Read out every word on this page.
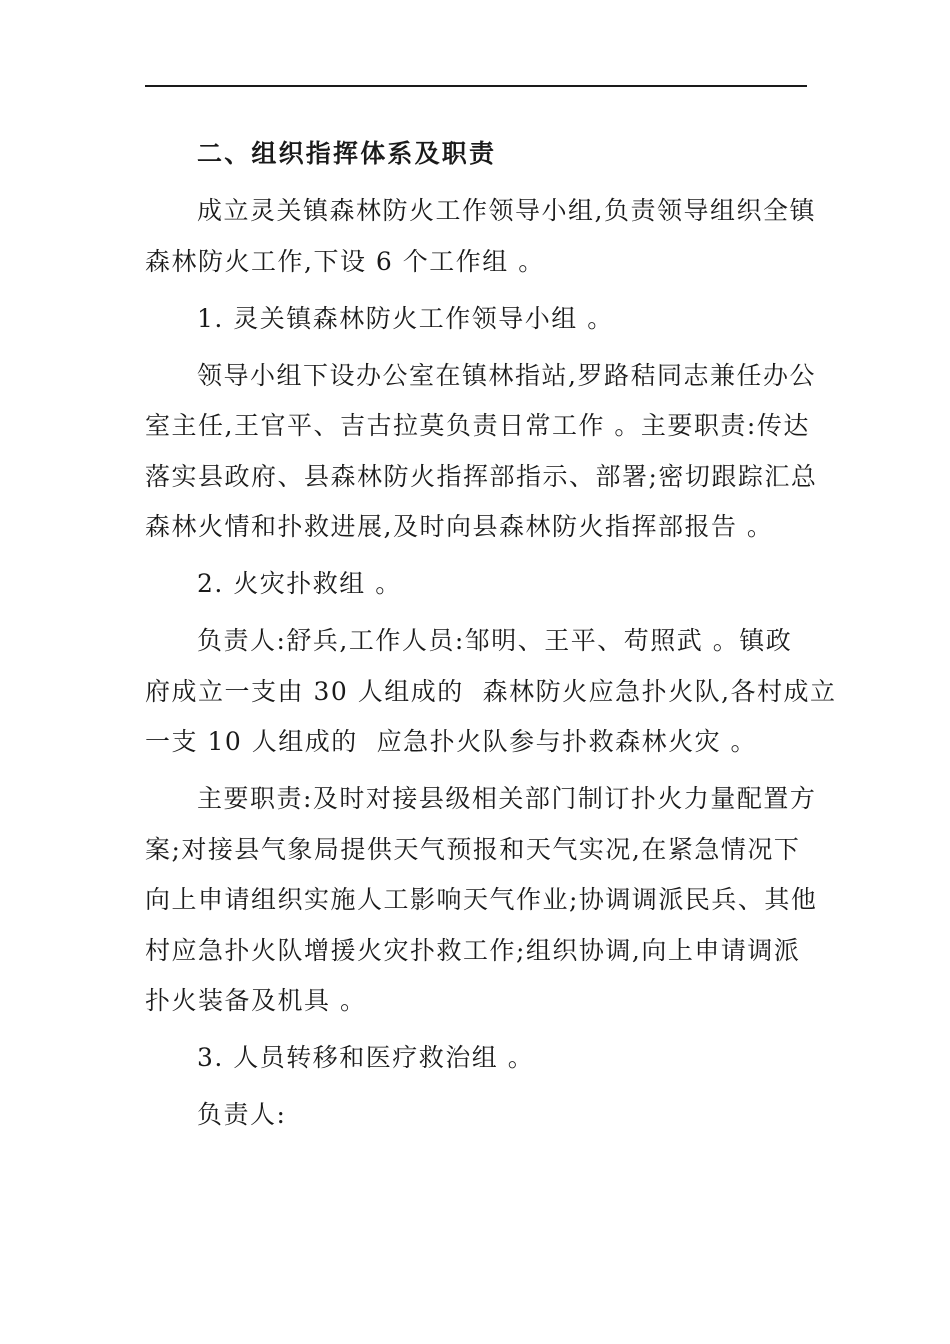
二、组织指挥体系及职责
成立灵关镇森林防火工作领导小组,负责领导组织全镇
森林防火工作,下设 6 个工作组 。
1. 灵关镇森林防火工作领导小组 。
领导小组下设办公室在镇林指站,罗路秸同志兼任办公
室主任,王官平、吉古拉莫负责日常工作 。主要职责:传达
落实县政府、县森林防火指挥部指示、部署;密切跟踪汇总
森林火情和扑救进展,及时向县森林防火指挥部报告 。
2. 火灾扑救组 。
负责人:舒兵,工作人员:邹明、王平、苟照武 。镇政
府成立一支由 30 人组成的  森林防火应急扑火队,各村成立
一支 10 人组成的  应急扑火队参与扑救森林火灾 。
主要职责:及时对接县级相关部门制订扑火力量配置方
案;对接县气象局提供天气预报和天气实况,在紧急情况下
向上申请组织实施人工影响天气作业;协调调派民兵、其他
村应急扑火队增援火灾扑救工作;组织协调,向上申请调派
扑火装备及机具 。
3. 人员转移和医疗救治组 。
负责人:
